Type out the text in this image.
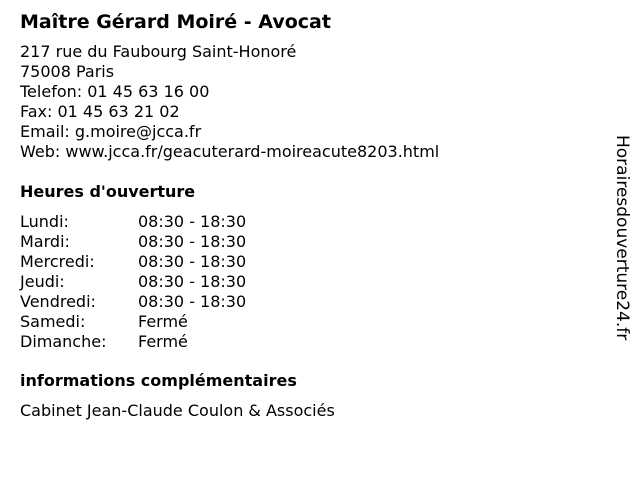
Maître Gérard Moiré - Avocat
217 rue du Faubourg Saint-Honoré
75008 Paris
Telefon: 01 45 63 16 00
Fax: 01 45 63 21 02
Email: g.moire@jcca.fr
Web: www.jcca.fr/geacuterard-moireacute8203.html
Heures d'ouverture
Lundi:	08:30 - 18:30
Mardi:	08:30 - 18:30
Mercredi:	08:30 - 18:30
Jeudi:	08:30 - 18:30
Vendredi:	08:30 - 18:30
Samedi:	Fermé
Dimanche:	Fermé
informations complémentaires
Cabinet Jean-Claude Coulon & Associés
Horairesdouverture24.fr
